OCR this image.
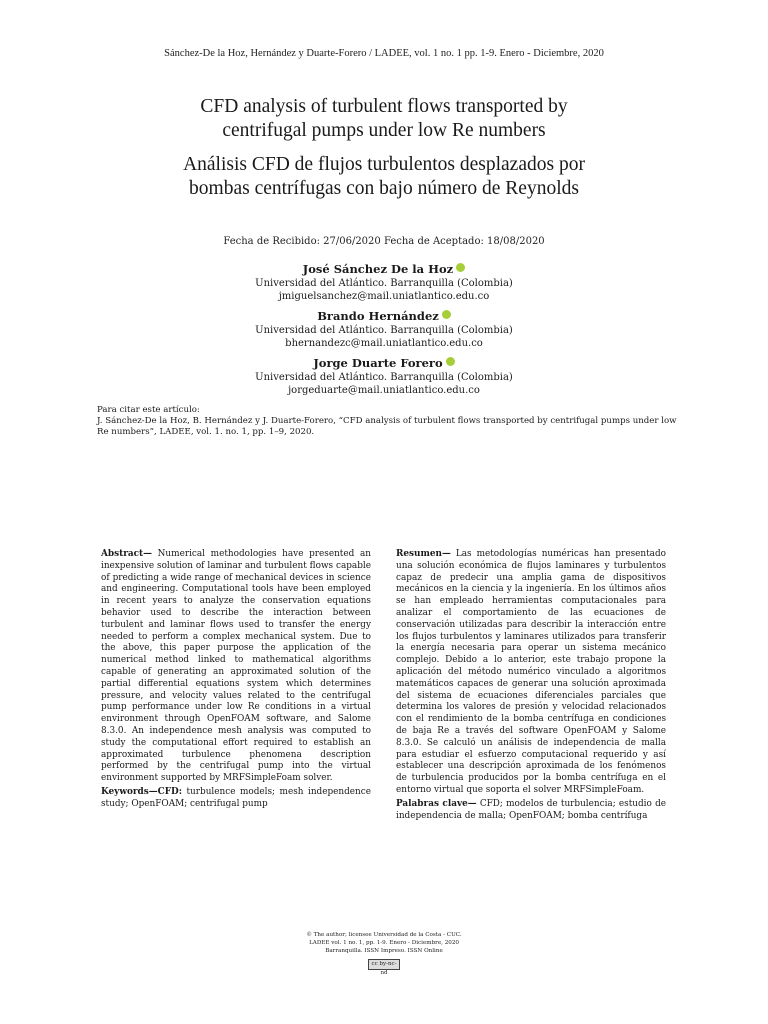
Sánchez-De la Hoz, Hernández y Duarte-Forero / LADEE, vol. 1 no. 1 pp. 1-9. Enero - Diciembre, 2020
CFD analysis of turbulent flows transported by
centrifugal pumps under low Re numbers
Análisis CFD de flujos turbulentos desplazados por
bombas centrífugas con bajo número de Reynolds
Fecha de Recibido: 27/06/2020 Fecha de Aceptado: 18/08/2020
José Sánchez De la Hoz
Universidad del Atlántico. Barranquilla (Colombia)
jmiguelsanchez@mail.uniatlantico.edu.co
Brando Hernández
Universidad del Atlántico. Barranquilla (Colombia)
bhernandezc@mail.uniatlantico.edu.co
Jorge Duarte Forero
Universidad del Atlántico. Barranquilla (Colombia)
jorgeduarte@mail.uniatlantico.edu.co
Para citar este artículo:
J. Sánchez-De la Hoz, B. Hernández y J. Duarte-Forero, “CFD analysis of turbulent flows transported by centrifugal pumps under low Re numbers”, LADEE, vol. 1. no. 1, pp. 1–9, 2020.
Abstract— Numerical methodologies have presented an inexpensive solution of laminar and turbulent flows capable of predicting a wide range of mechanical devices in science and engineering. Computational tools have been employed in recent years to analyze the conservation equations behavior used to describe the interaction between turbulent and laminar flows used to transfer the energy needed to perform a complex mechanical system. Due to the above, this paper purpose the application of the numerical method linked to mathematical algorithms capable of generating an approximated solution of the partial differential equations system which determines pressure, and velocity values related to the centrifugal pump performance under low Re conditions in a virtual environment through OpenFOAM software, and Salome 8.3.0. An independence mesh analysis was computed to study the computational effort required to establish an approximated turbulence phenomena description performed by the centrifugal pump into the virtual environment supported by MRFSimpleFoam solver.
Keywords—CFD: turbulence models; mesh independence study; OpenFOAM; centrifugal pump
Resumen— Las metodologías numéricas han presentado una solución económica de flujos laminares y turbulentos capaz de predecir una amplia gama de dispositivos mecánicos en la ciencia y la ingeniería. En los últimos años se han empleado herramientas computacionales para analizar el comportamiento de las ecuaciones de conservación utilizadas para describir la interacción entre los flujos turbulentos y laminares utilizados para transferir la energía necesaria para operar un sistema mecánico complejo. Debido a lo anterior, este trabajo propone la aplicación del método numérico vinculado a algoritmos matemáticos capaces de generar una solución aproximada del sistema de ecuaciones diferenciales parciales que determina los valores de presión y velocidad relacionados con el rendimiento de la bomba centrífuga en condiciones de baja Re a través del software OpenFOAM y Salome 8.3.0. Se calculó un análisis de independencia de malla para estudiar el esfuerzo computacional requerido y así establecer una descripción aproximada de los fenómenos de turbulencia producidos por la bomba centrífuga en el entorno virtual que soporta el solver MRFSimpleFoam.
Palabras clave— CFD; modelos de turbulencia; estudio de independencia de malla; OpenFOAM; bomba centrífuga
© The author; licensee Universidad de la Costa - CUC.
LADEE vol. 1 no. 1, pp. 1-9. Enero - Diciembre, 2020
Barranquilla. ISSN Impreso. ISSN Online
cc by-nc-nd
